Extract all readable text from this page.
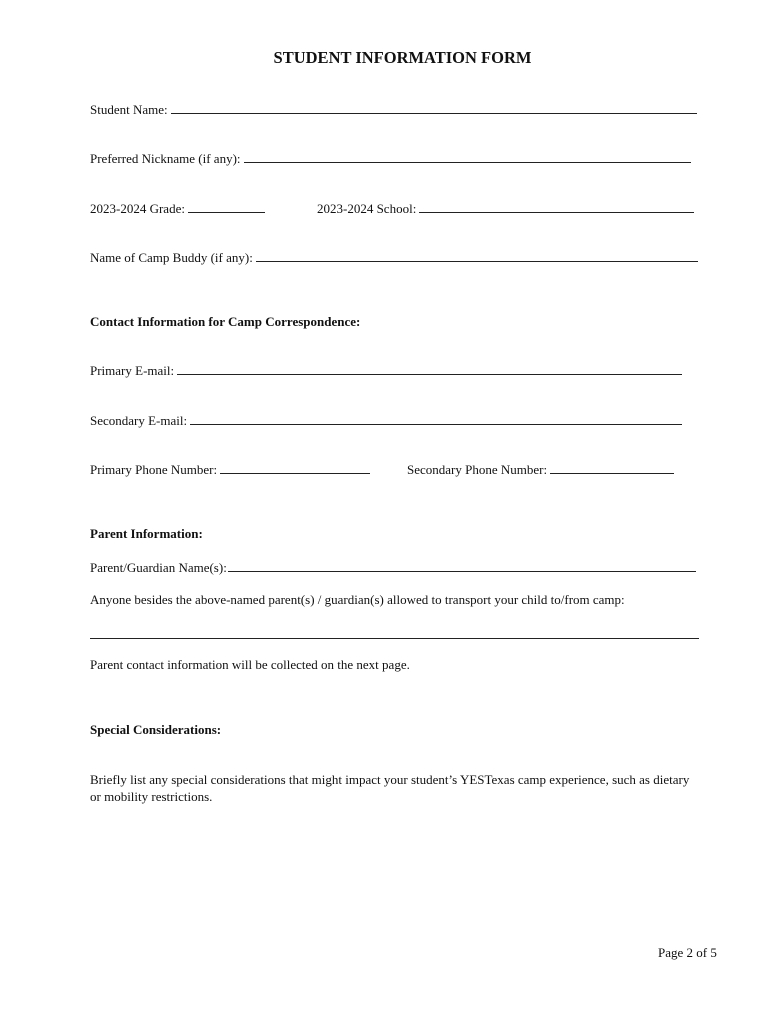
STUDENT INFORMATION FORM
Student Name:
Preferred Nickname (if any):
2023-2024 Grade:	2023-2024 School:
Name of Camp Buddy (if any):
Contact Information for Camp Correspondence:
Primary E-mail:
Secondary E-mail:
Primary Phone Number:	Secondary Phone Number:
Parent Information:
Parent/Guardian Name(s):
Anyone besides the above-named parent(s) / guardian(s) allowed to transport your child to/from camp:
Parent contact information will be collected on the next page.
Special Considerations:
Briefly list any special considerations that might impact your student’s YESTexas camp experience, such as dietary or mobility restrictions.
Page 2 of 5
